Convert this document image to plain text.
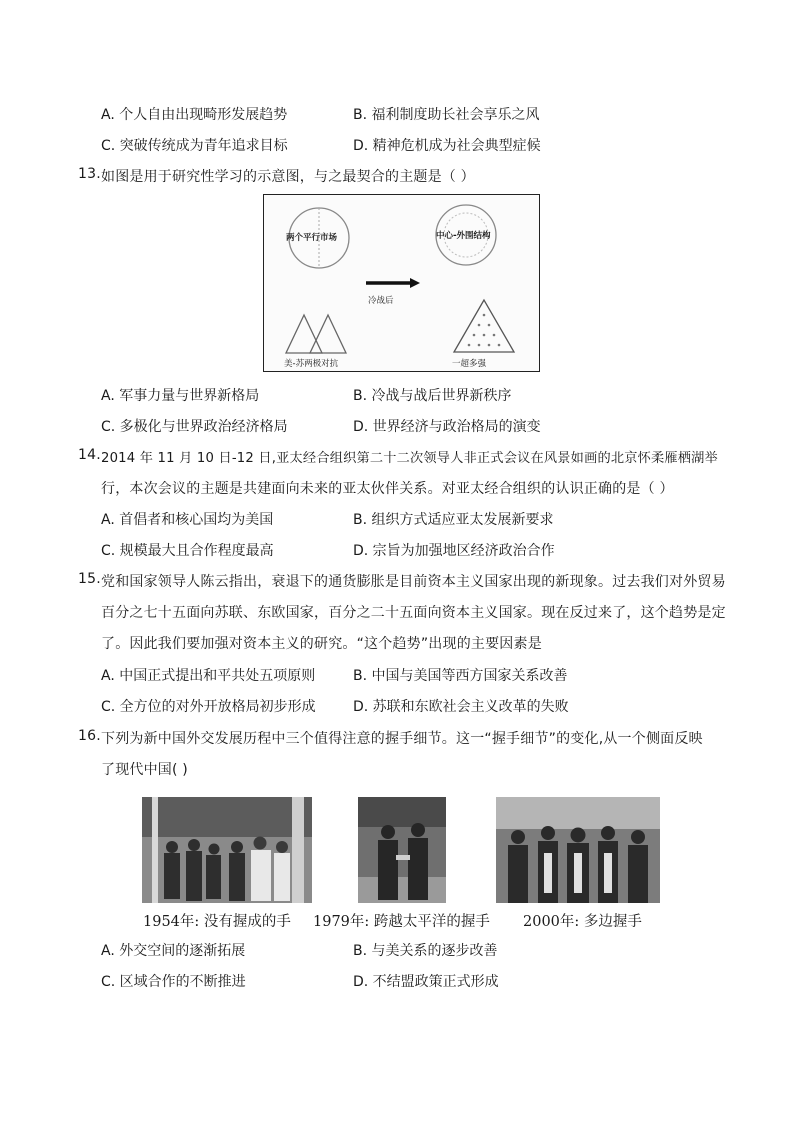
A. 个人自由出现畸形发展趋势	B. 福利制度助长社会享乐之风
C. 突破传统成为青年追求目标	D. 精神危机成为社会典型症候
13. 如图是用于研究性学习的示意图，与之最契合的主题是（ ）
两个平行市场	中心-外围结构
冷战后
美-苏两极对抗	一超多强
A. 军事力量与世界新格局	B. 冷战与战后世界新秩序
C. 多极化与世界政治经济格局	D. 世界经济与政治格局的演变
14. 2014 年 11 月 10 日-12 日,亚太经合组织第二十二次领导人非正式会议在风景如画的北京怀柔雁栖湖举
行，本次会议的主题是共建面向未来的亚太伙伴关系。对亚太经合组织的认识正确的是（ ）
A. 首倡者和核心国均为美国	B. 组织方式适应亚太发展新要求
C. 规模最大且合作程度最高	D. 宗旨为加强地区经济政治合作
15. 党和国家领导人陈云指出，衰退下的通货膨胀是目前资本主义国家出现的新现象。过去我们对外贸易
百分之七十五面向苏联、东欧国家，百分之二十五面向资本主义国家。现在反过来了，这个趋势是定
了。因此我们要加强对资本主义的研究。“这个趋势”出现的主要因素是
A. 中国正式提出和平共处五项原则	B. 中国与美国等西方国家关系改善
C. 全方位的对外开放格局初步形成	D. 苏联和东欧社会主义改革的失败
16. 下列为新中国外交发展历程中三个值得注意的握手细节。这一“握手细节”的变化,从一个侧面反映
了现代中国( )
1954年: 没有握成的手 1979年: 跨越太平洋的握手 2000年: 多边握手
A. 外交空间的逐渐拓展	B. 与美关系的逐步改善
C. 区域合作的不断推进	D. 不结盟政策正式形成
